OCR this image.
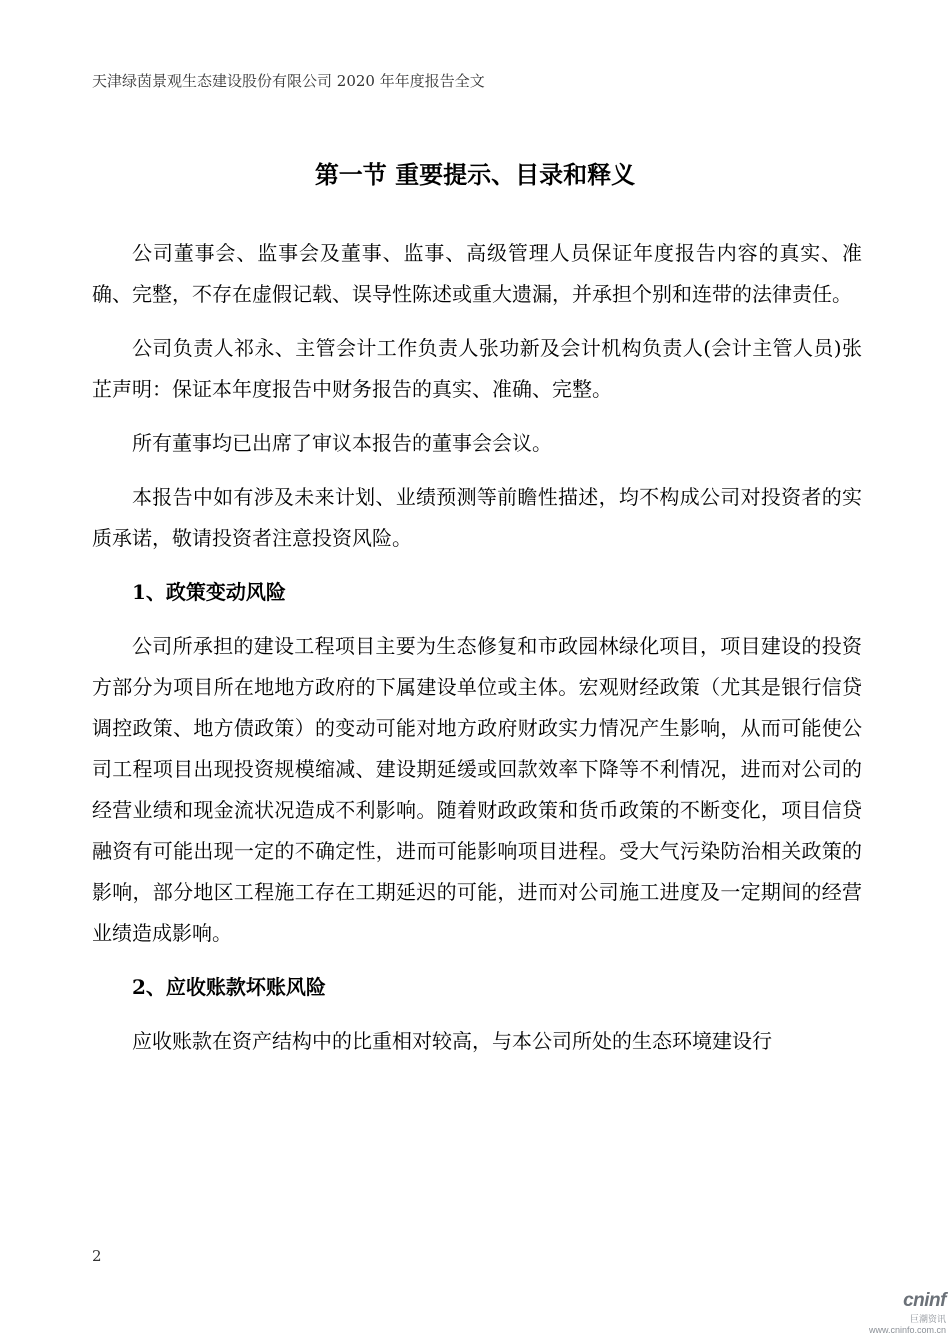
天津绿茵景观生态建设股份有限公司 2020 年年度报告全文
第一节 重要提示、目录和释义

公司董事会、监事会及董事、监事、高级管理人员保证年度报告内容的真实、准确、完整，不存在虚假记载、误导性陈述或重大遗漏，并承担个别和连带的法律责任。

公司负责人祁永、主管会计工作负责人张功新及会计机构负责人(会计主管人员)张芷声明：保证本年度报告中财务报告的真实、准确、完整。

所有董事均已出席了审议本报告的董事会会议。

本报告中如有涉及未来计划、业绩预测等前瞻性描述，均不构成公司对投资者的实质承诺，敬请投资者注意投资风险。

1、政策变动风险

公司所承担的建设工程项目主要为生态修复和市政园林绿化项目，项目建设的投资方部分为项目所在地地方政府的下属建设单位或主体。宏观财经政策（尤其是银行信贷调控政策、地方债政策）的变动可能对地方政府财政实力情况产生影响，从而可能使公司工程项目出现投资规模缩减、建设期延缓或回款效率下降等不利情况，进而对公司的经营业绩和现金流状况造成不利影响。随着财政政策和货币政策的不断变化，项目信贷融资有可能出现一定的不确定性，进而可能影响项目进程。受大气污染防治相关政策的影响，部分地区工程施工存在工期延迟的可能，进而对公司施工进度及一定期间的经营业绩造成影响。

2、应收账款坏账风险

应收账款在资产结构中的比重相对较高，与本公司所处的生态环境建设行

2
cninf
巨潮资讯
www.cninfo.com.cn
